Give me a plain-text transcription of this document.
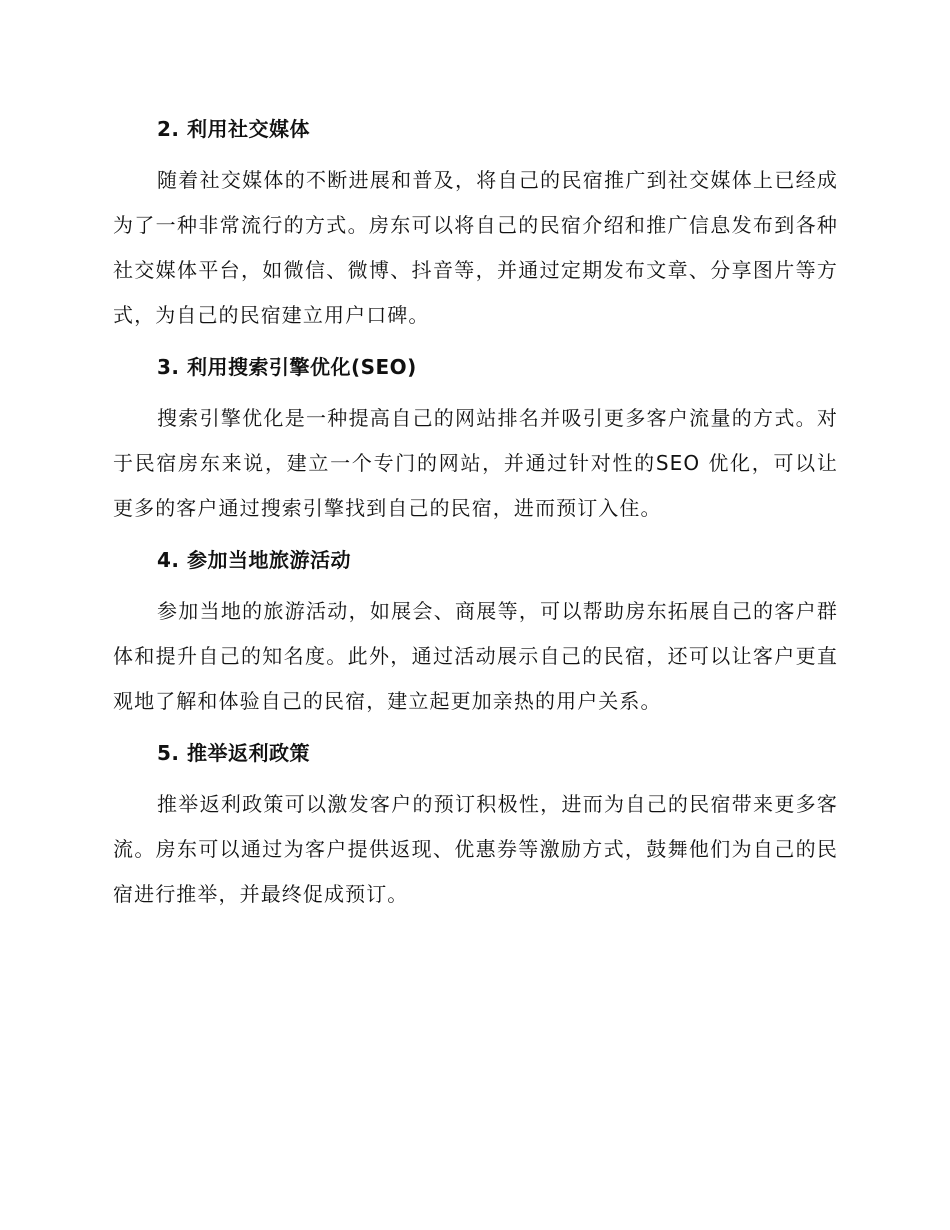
2. 利用社交媒体

随着社交媒体的不断进展和普及，将自己的民宿推广到社交媒体上已经成为了一种非常流行的方式。房东可以将自己的民宿介绍和推广信息发布到各种社交媒体平台，如微信、微博、抖音等，并通过定期发布文章、分享图片等方式，为自己的民宿建立用户口碑。

3. 利用搜索引擎优化(SEO)

搜索引擎优化是一种提高自己的网站排名并吸引更多客户流量的方式。对于民宿房东来说，建立一个专门的网站，并通过针对性的SEO 优化，可以让更多的客户通过搜索引擎找到自己的民宿，进而预订入住。

4. 参加当地旅游活动

参加当地的旅游活动，如展会、商展等，可以帮助房东拓展自己的客户群体和提升自己的知名度。此外，通过活动展示自己的民宿，还可以让客户更直观地了解和体验自己的民宿，建立起更加亲热的用户关系。

5. 推举返利政策

推举返利政策可以激发客户的预订积极性，进而为自己的民宿带来更多客流。房东可以通过为客户提供返现、优惠券等激励方式，鼓舞他们为自己的民宿进行推举，并最终促成预订。
